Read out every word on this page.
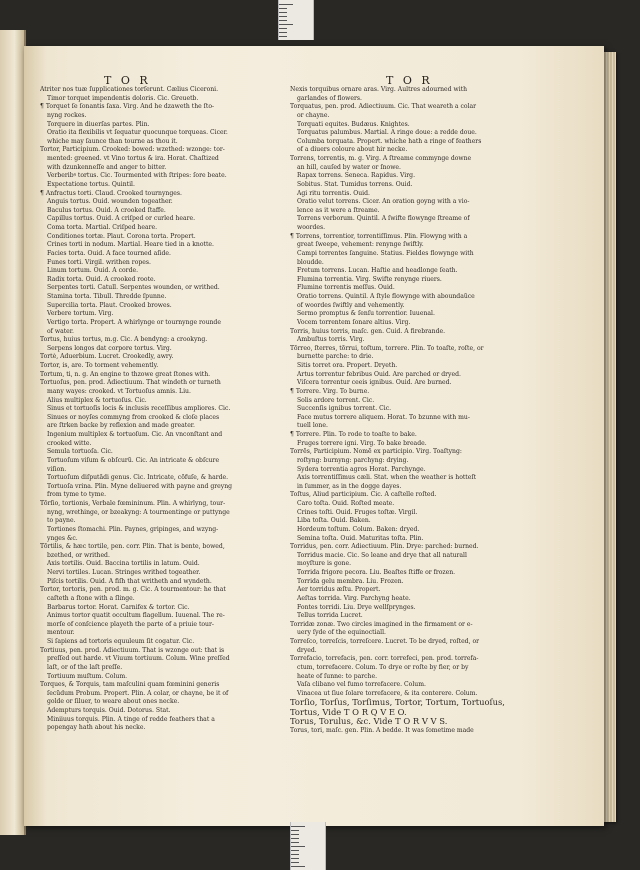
T O R	T O R
Atriter nos tuæ ſupplicationes torſerunt. Cælius Ciceroni.
Timor torquet impendentis doloris. Cic. Greuetb.
¶ Torquet ſe ſonantis ſaxa. Virg. And he dzaweth the ſto-
nyng rockes.
Torquere in diuerſas partes. Plin.
Oratio ita flexibilis vt ſequatur quocunque torqueas. Cicer.
whiche may ſaunce than tourne as thou it.
Tortor, Participium. Crooked: bowed: wzethed: wzonge: tor-
mented: greened. vt Vino tortus & ira. Horat. Chaſtized
with dzunkenneſſe and anger to bitter.
Verberibꝰ tortus. Cic. Tourmented with ſtripes: ſore beate.
Expectatione tortus. Quintil.
¶ Anfractus torti. Claud. Crooked tournynges.
Anguis tortus. Ouid. wounden togeather.
Baculus tortus. Ouid. A crooked ſtaffe.
Capillus tortus. Ouid. A criſped or curled heare.
Coma torta. Martial. Criſped heare.
Conditiones tortæ. Plaut. Corona torta. Propert.
Crines torti in nodum. Martial. Heare tied in a knotte.
Facies torta. Ouid. A face tourned aſide.
Funes torti. Virgil. writhen ropes.
Linum tortum. Ouid. A corde.
Radix torta. Ouid. A crooked roote.
Serpentes torti. Catull. Serpentes wounden, or writhed.
Stamina torta. Tibull. Thredde ſpunne.
Supercilia torta. Plaut. Crooked browes.
Verbere tortum. Virg.
Vertigo torta. Propert. A whirlynge or tournynge rounde
of water.
Tortus, huius tortus, m.g. Cic. A bendyng: a crookyng.
Serpens longos dat corpore tortus. Virg.
Tortè, Aduerbium. Lucret. Crookedly, awry.
Tortor, is, are. To torment vehemently.
Tortum, ti, n. g. An engine to thzowe great ſtones with.
Tortuoſus, pen. prod. Adiectiuum. That windeth or turneth
many wayes: crooked. vt Tortuoſus amnis. Liu.
Alius multiplex & tortuoſus. Cic.
Sinus et tortuoſis locis & inclusis receſſibus ampliores. Cic.
Sinues or noyſes commyng from crooked & cloſe places
are ſtrken backe by reflexion and made greater.
Ingenium multiplex & tortuoſum. Cic. An vnconſtant and
crooked witte.
Semula tortuoſa. Cic.
Tortuoſum viſum & obſcurũ. Cic. An intricate & obſcure
viſion.
Tortuoſum diſputãdi genus. Cic. Intricate, cõfuſe, & harde.
Tortuoſa vrina. Plin. Myne deliuered with payne and greyng
from tyme to tyme.
Tõrſio, tortionis, Verbale fœmininum. Plin. A whirlyng, tour-
nyng, wrethinge, or bzeakyng: A tourmentinge or puttynge
to payne.
Tortiones ſtomachi. Plin. Paynes, gripinges, and wzyng-
ynges &c.
Tõrtilis, & hæc tortile, pen. corr. Plin. That is bente, bowed,
bzethed, or writhed.
Axis tortilis. Ouid. Baccina tortilis in latum. Ouid.
Nervi tortiles. Lucan. Stringes writhed togeather.
Piſcis tortilis. Ouid. A fiſh that writheth and wyndeth.
Tortor, tortoris, pen. prod. m. g. Cic. A tourmentour: he that
caſteth a ſtone with a ſlinge.
Barbarus tortor. Horat. Carnifex & tortor. Cic.
Animus tortor quatit occultum flagellum. Iuuenal. The re-
morſe of conſcience playeth the parte of a priuie tour-
mentour.
Si ſapiens ad tortoris equuleum ſit cogatur. Cic.
Tortiuus, pen. prod. Adiectiuum. That is wzonge out: that is
preſſed out harde. vt Viuum tortiuum. Colum. Wine preſſed
laſt, or of the laſt preſſe.
Tortiuum muſtum. Colum.
Torques, & Torquis, tam maſculini quam fœminini generis
ſecũdum Probum. Propert. Plin. A colar, or chayne, be it of
golde or ſiluer, to weare about ones necke.
Adempturs torquis. Ouid. Dotorus. Stat.
Miniiuus torquis. Plin. A tinge of redde feathers that a
popengay hath about his necke.
Nexis torquibus ornare aras. Virg. Aultres adourned with
garlandes of flowers.
Torquatus, pen. prod. Adiectiuum. Cic. That weareth a colar
or chayne.
Torquati equites. Budæus. Knightes.
Torquatus palumbus. Martial. A ringe doue: a redde doue.
Columba torquata. Propert. whiche hath a ringe of feathers
of a diuers coloure about hir necke.
Torrens, torrentis, m. g. Virg. A ſtreame commynge downe
an hill, cauſed by water or ſnowe.
Rapax torrens. Seneca. Rapidus. Virg.
Sobitus. Stat. Tumidus torrens. Ouid.
Agi ritu torrentis. Ouid.
Oratio velut torrens. Cicer. An oration goyng with a vio-
lence as it were a ſtreame.
Torrens verborum. Quintil. A ſwifte flowynge ſtreame of
woordes.
¶ Torrens, torrentior, torrentiſſimus. Plin. Flowyng with a
great ſweepe, vehement: renynge ſwiftly.
Campi torrentes ſanguine. Statius. Fieldes flowynge with
bloudde.
Fretum torrens. Lucan. Haſtie and headlonge ſeath.
Flumina torrentia. Virg. Swifte renynge riuers.
Flumine torrentis meſſus. Ouid.
Oratio torrens. Quintil. A ſtyle flowynge with aboundaũce
of woordes ſwiftly and vehemently.
Sermo promptus & ſenſu torrentior. Iuuenal.
Vocem torrentem ſonare altius. Virg.
Torris, huius torris, maſc. gen. Cuid. A firebrande.
Ambuſtus torris. Virg.
Tõrreo, ſterres, tõrrui, toſtum, torrere. Plin. To toaſte, roſte, or
burnette parche: to drie.
Sitis torret ora. Propert. Dryeth.
Artus torrentur febribus Ouid. Are parched or dryed.
Viſcera torrentur ceeis ignibus. Ouid. Are burned.
¶ Torrere. Virg. To burne.
Solis ardore torrent. Cic.
Succenſis ignibus torrent. Cic.
Face mutus torrere aliquem. Horat. To bzunne with mu-
tuell lone.
¶ Torrere. Plin. To rode to toaſte to bake.
Fruges torrere igni. Virg. To bake breade.
Torrẽs, Participium. Nomẽ ex participio. Virg. Toaſtyng:
roſtyng: burnyng: parchyng: drying.
Sydera torrentia agros Horat. Parchynge.
Axis torrentiſſimus cæli. Stat. when the weather is hotteſt
in ſummer, as in the dogge dayes.
Toſtus, Aliud participium. Cic. A caſtelle roſted.
Caro toſta. Ouid. Roſted meate.
Crines toſti. Ouid. Fruges toſtæ. Virgil.
Liba toſta. Ouid. Baken.
Hordeum toſtum. Colum. Baken: dryed.
Semina toſta. Ouid. Maturitas toſta. Plin.
Torridus, pen. corr. Adiectiuum. Plin. Drye: parched: burned.
Torridus macie. Cic. So leane and drye that all naturall
moyſture is gone.
Torrida frigore pecora. Liu. Beaſtes ſtiffe or frozen.
Torrida gelu membra. Liu. Frozen.
Aer torridus æſtu. Propert.
Aeſtas torrida. Virg. Parchyng heate.
Fontes torridi. Liu. Drye wellſprynges.
Tellus torrida Lucret.
Torridæ zonæ. Two circles imagined in the firmament or e-
uery ſyde of the equinoctiall.
Torreſco, torreſcis, torreſcere. Lucret. To be dryed, roſted, or
dryed.
Torrefacio, torrefacis, pen. corr. torrefeci, pen. prod. torrefa-
ctum, torrefacere. Colum. To drye or roſte by fier, or by
heate of ſunne: to parche.
Vaſa clibano vel fumo torrefacere. Colum.
Vinacea ut ſiue ſolare torrefacere, & ita conterere. Colum.
Torſio, Torſus, Torſimus, Tortor, Tortum, Tortuoſus,
Tortus, Vide T O R Q V E O.
Torus, Torulus, &c. Vide T O R V V S.
Torus, tori, maſc. gen. Plin. A bedde. It was ſometime made
